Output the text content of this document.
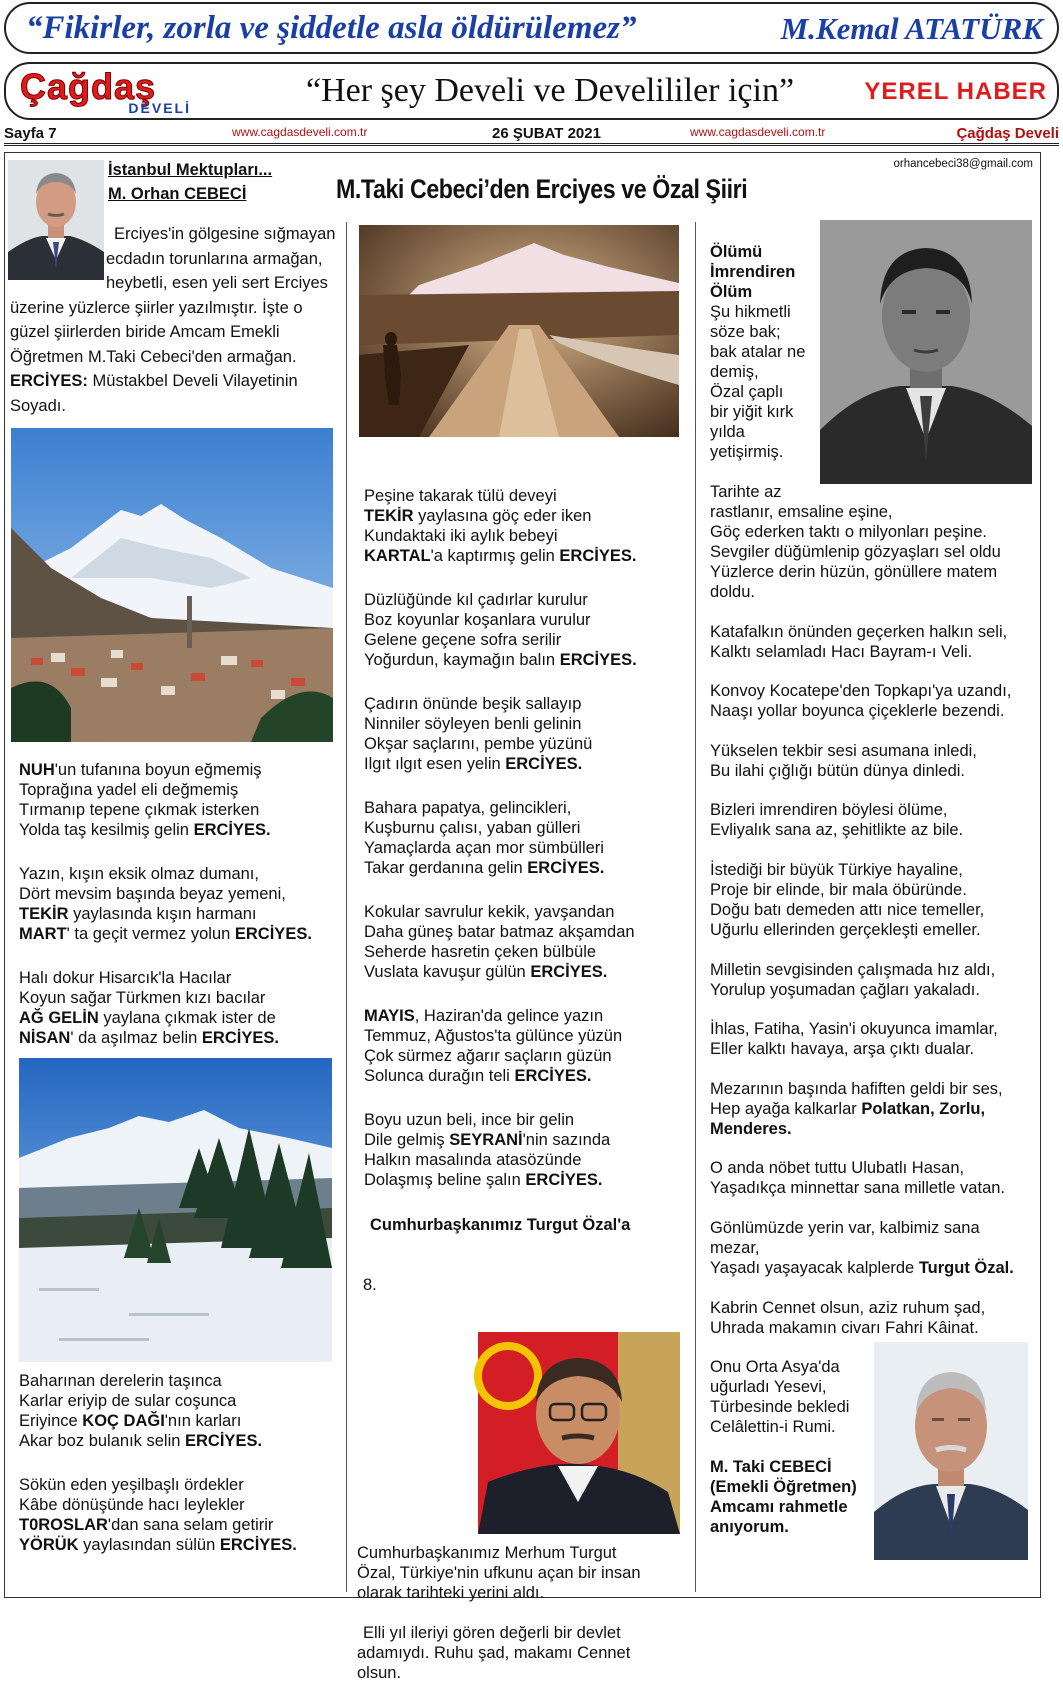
“Fikirler, zorla ve şiddetle asla öldürülemez”	M.Kemal ATATÜRK
Çağdaş
DEVELİ	“Her şey Develi ve Develililer için”	YEREL HABER
Sayfa 7	www.cagdasdeveli.com.tr	26 ŞUBAT 2021	www.cagdasdeveli.com.tr	Çağdaş Develi
İstanbul Mektupları...
M. Orhan CEBECİ
orhancebeci38@gmail.com
M.Taki Cebeci’den Erciyes ve Özal Şiiri
Erciyes'in gölgesine sığmayan ecdadın torunlarına armağan, heybetli, esen yeli sert Erciyes üzerine yüzlerce şiirler yazılmıştır. İşte o güzel şiirlerden biride Amcam Emekli Öğretmen M.Taki Cebeci'den armağan. ERCİYES: Müstakbel Develi Vilayetinin Soyadı.
NUH'un tufanına boyun eğmemiş
Toprağına yadel eli değmemiş
Tırmanıp tepene çıkmak isterken
Yolda taş kesilmiş gelin ERCİYES.
Yazın, kışın eksik olmaz dumanı,
Dört mevsim başında beyaz yemeni,
TEKİR yaylasında kışın harmanı
MART' ta geçit vermez yolun ERCİYES.
Halı dokur Hisarcık'la Hacılar
Koyun sağar Türkmen kızı bacılar
AĞ GELİN yaylana çıkmak ister de
NİSAN' da aşılmaz belin ERCİYES.
Baharınan derelerin taşınca
Karlar eriyip de sular coşunca
Eriyince KOÇ DAĞI'nın karları
Akar boz bulanık selin ERCİYES.
Sökün eden yeşilbaşlı ördekler
Kâbe dönüşünde hacı leylekler
T0ROSLAR'dan sana selam getirir
YÖRÜK yaylasından sülün ERCİYES.
Peşine takarak tülü deveyi
TEKİR yaylasına göç eder iken
Kundaktaki iki aylık bebeyi
KARTAL'a kaptırmış gelin ERCİYES.
Düzlüğünde kıl çadırlar kurulur
Boz koyunlar koşanlara vurulur
Gelene geçene sofra serilir
Yoğurdun, kaymağın balın ERCİYES.
Çadırın önünde beşik sallayıp
Ninniler söyleyen benli gelinin
Okşar saçlarını, pembe yüzünü
Ilgıt ılgıt esen yelin ERCİYES.
Bahara papatya, gelincikleri,
Kuşburnu çalısı, yaban gülleri
Yamaçlarda açan mor sümbülleri
Takar gerdanına gelin ERCİYES.
Kokular savrulur kekik, yavşandan
Daha güneş batar batmaz akşamdan
Seherde hasretin çeken bülbüle
Vuslata kavuşur gülün ERCİYES.
MAYIS, Haziran'da gelince yazın
Temmuz, Ağustos'ta gülünce yüzün
Çok sürmez ağarır saçların güzün
Solunca durağın teli ERCİYES.
Boyu uzun beli, ince bir gelin
Dile gelmiş SEYRANİ'nin sazında
Halkın masalında atasözünde
Dolaşmış beline şalın ERCİYES.
Cumhurbaşkanımız Turgut Özal'a

8. Cumhurbaşkanımız Merhum Turgut Özal, Türkiye'nin ufkunu açan bir insan olarak tarihteki yerini aldı.

Elli yıl ileriyi gören değerli bir devlet adamıydı. Ruhu şad, makamı Cennet olsun.

Ölümü
İmrendiren
Ölüm
Şu hikmetli
söze bak;
bak atalar ne
demiş,
Özal çaplı
bir yiğit kırk
yılda
yetişirmiş.
Tarihte az
rastlanır, emsaline eşine,
Göç ederken taktı o milyonları peşine.
Sevgiler düğümlenip gözyaşları sel oldu
Yüzlerce derin hüzün, gönüllere matem
doldu.
Katafalkın önünden geçerken halkın seli,
Kalktı selamladı Hacı Bayram-ı Veli.
Konvoy Kocatepe'den Topkapı'ya uzandı,
Naaşı yollar boyunca çiçeklerle bezendi.
Yükselen tekbir sesi asumana inledi,
Bu ilahi çığlığı bütün dünya dinledi.
Bizleri imrendiren böylesi ölüme,
Evliyalık sana az, şehitlikte az bile.
İstediği bir büyük Türkiye hayaline,
Proje bir elinde, bir mala öbüründe.
Doğu batı demeden attı nice temeller,
Uğurlu ellerinden gerçekleşti emeller.
Milletin sevgisinden çalışmada hız aldı,
Yorulup yoşumadan çağları yakaladı.
İhlas, Fatiha, Yasin'i okuyunca imamlar,
Eller kalktı havaya, arşa çıktı dualar.
Mezarının başında hafiften geldi bir ses,
Hep ayağa kalkarlar Polatkan, Zorlu,
Menderes.
O anda nöbet tuttu Ulubatlı Hasan,
Yaşadıkça minnettar sana milletle vatan.
Gönlümüzde yerin var, kalbimiz sana
mezar,
Yaşadı yaşayacak kalplerde Turgut Özal.
Kabrin Cennet olsun, aziz ruhum şad,
Uhrada makamın civarı Fahri Kâinat.
Onu Orta Asya'da
uğurladı Yesevi,
Türbesinde bekledi
Celâlettin-i Rumi.
M. Taki CEBECİ
(Emekli Öğretmen)
Amcamı rahmetle
anıyorum.
